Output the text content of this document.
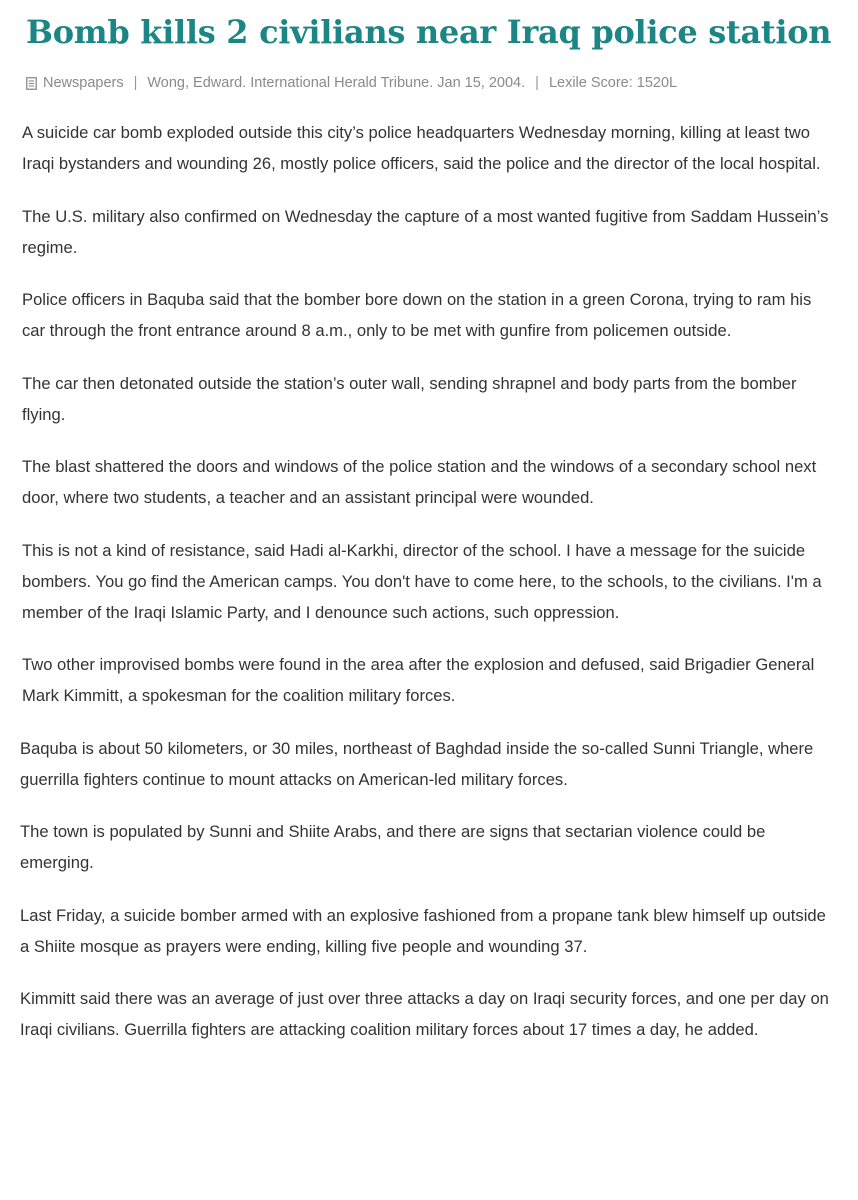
Bomb kills 2 civilians near Iraq police station
Newspapers | Wong, Edward. International Herald Tribune. Jan 15, 2004. | Lexile Score: 1520L

A suicide car bomb exploded outside this city’s police headquarters Wednesday morning, killing at least two Iraqi bystanders and wounding 26, mostly police officers, said the police and the director of the local hospital.

The U.S. military also confirmed on Wednesday the capture of a most wanted fugitive from Saddam Hussein’s regime.

Police officers in Baquba said that the bomber bore down on the station in a green Corona, trying to ram his car through the front entrance around 8 a.m., only to be met with gunfire from policemen outside.

The car then detonated outside the station’s outer wall, sending shrapnel and body parts from the bomber flying.

The blast shattered the doors and windows of the police station and the windows of a secondary school next door, where two students, a teacher and an assistant principal were wounded.

This is not a kind of resistance, said Hadi al-Karkhi, director of the school. I have a message for the suicide bombers. You go find the American camps. You don't have to come here, to the schools, to the civilians. I'm a member of the Iraqi Islamic Party, and I denounce such actions, such oppression.

Two other improvised bombs were found in the area after the explosion and defused, said Brigadier General Mark Kimmitt, a spokesman for the coalition military forces.

Baquba is about 50 kilometers, or 30 miles, northeast of Baghdad inside the so-called Sunni Triangle, where guerrilla fighters continue to mount attacks on American-led military forces.

The town is populated by Sunni and Shiite Arabs, and there are signs that sectarian violence could be emerging.

Last Friday, a suicide bomber armed with an explosive fashioned from a propane tank blew himself up outside a Shiite mosque as prayers were ending, killing five people and wounding 37.

Kimmitt said there was an average of just over three attacks a day on Iraqi security forces, and one per day on Iraqi civilians. Guerrilla fighters are attacking coalition military forces about 17 times a day, he added.
